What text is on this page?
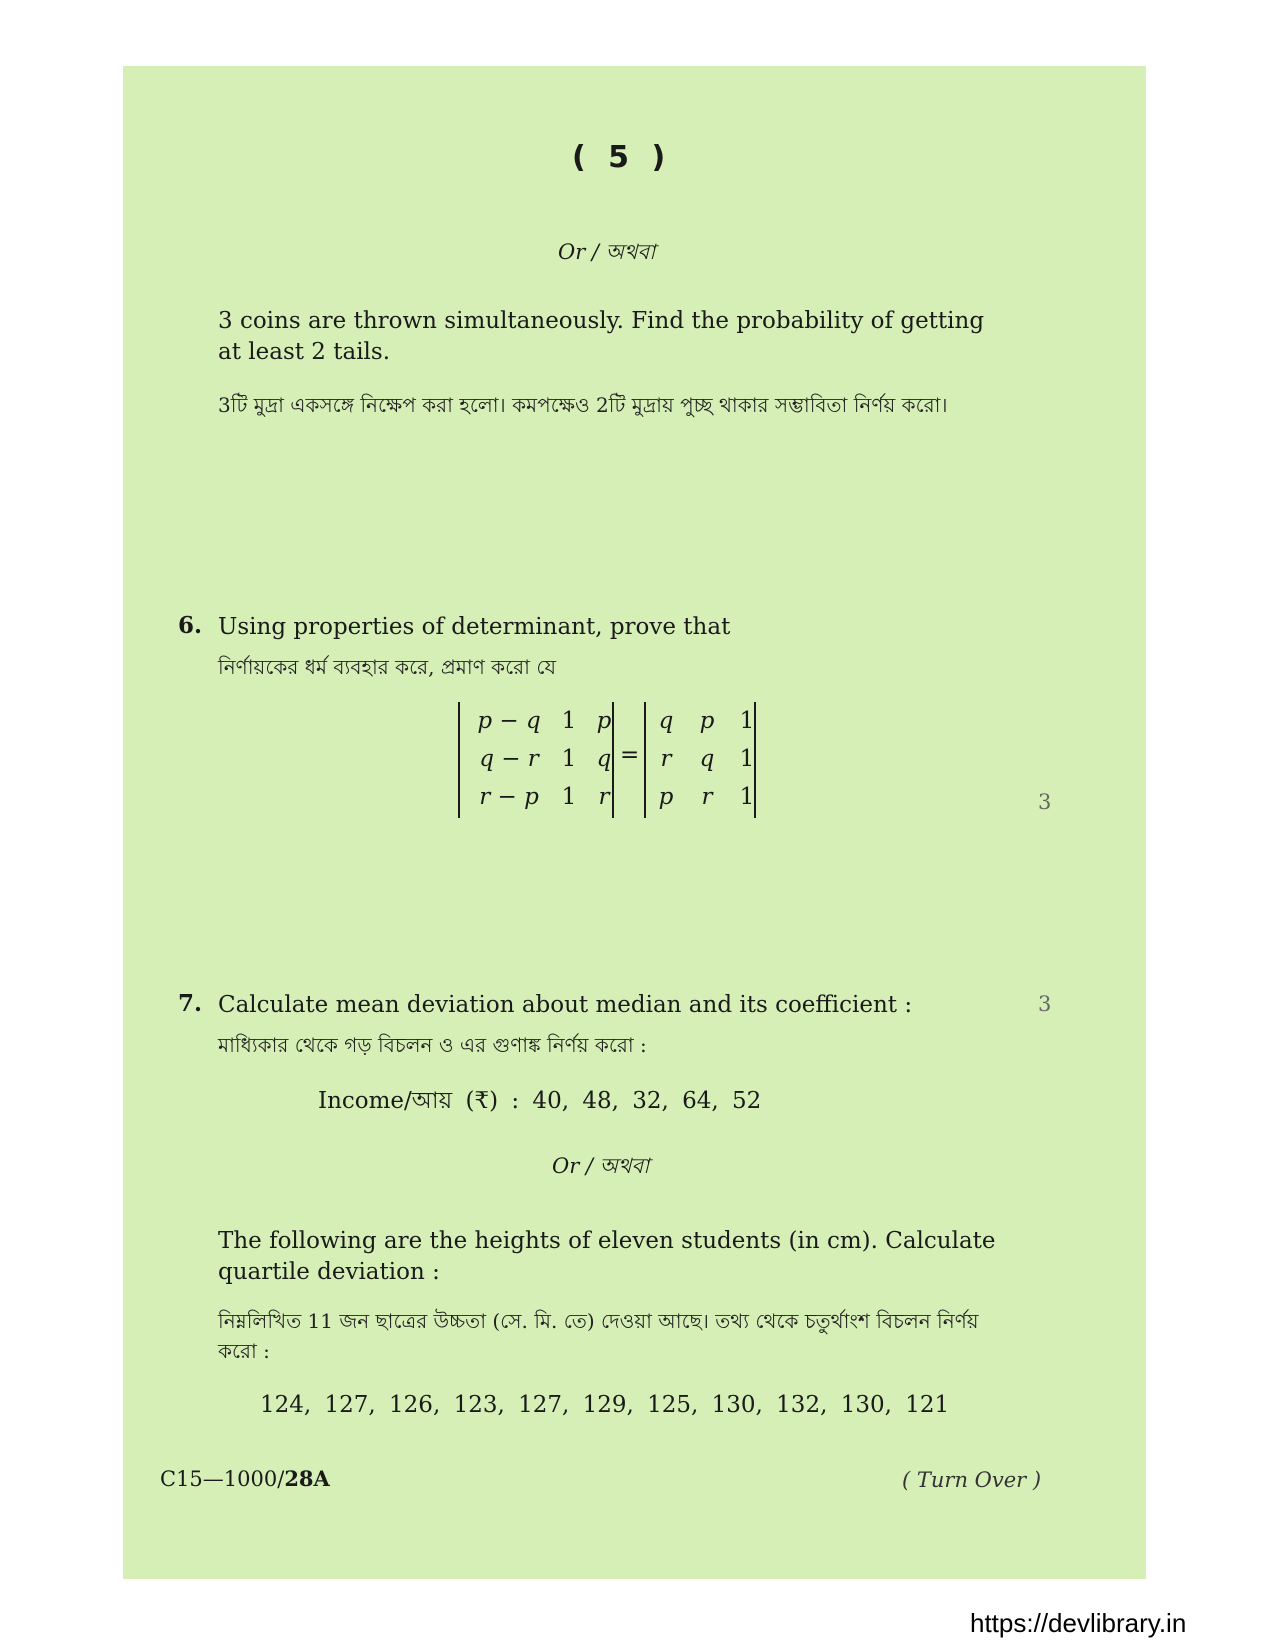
( 5 )
Or / অথবা
3 coins are thrown simultaneously. Find the probability of getting at least 2 tails.
3টি মুদ্রা একসঙ্গে নিক্ষেপ করা হলো। কমপক্ষেও 2টি মুদ্রায় পুচ্ছ থাকার সম্ভাবিতা নির্ণয় করো।
6. Using properties of determinant, prove that
নির্ণায়কের ধর্ম ব্যবহার করে, প্রমাণ করো যে
p − q 1 p
q − r 1 q
r − p 1 r
=
q	p	1
r	q	1
p	r	1	3
7. Calculate mean deviation about median and its coefficient :	3
মাধ্যিকার থেকে গড় বিচলন ও এর গুণাঙ্ক নির্ণয় করো :
Income/আয় (₹) : 40, 48, 32, 64, 52
Or / অথবা
The following are the heights of eleven students (in cm). Calculate quartile deviation :
নিম্নলিখিত 11 জন ছাত্রের উচ্চতা (সে. মি. তে) দেওয়া আছে। তথ্য থেকে চতুর্থাংশ বিচলন নির্ণয় করো :
124, 127, 126, 123, 127, 129, 125, 130, 132, 130, 121
C15—1000/28A	( Turn Over )
https://devlibrary.in
